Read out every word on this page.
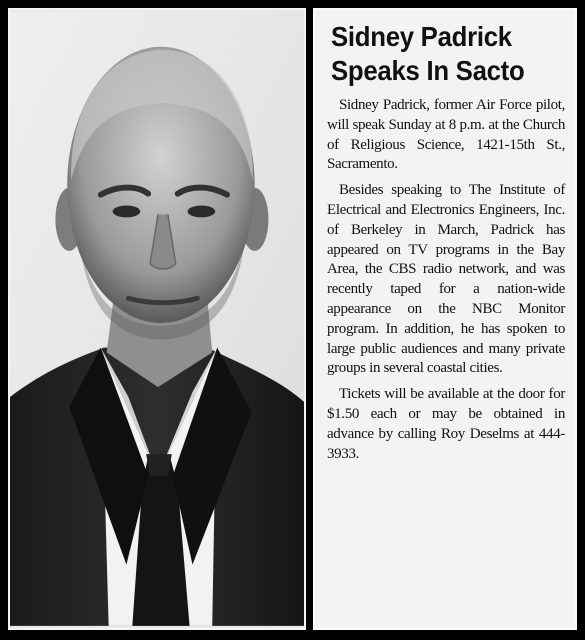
Sidney Padrick
Speaks In Sacto

Sidney Padrick, former Air Force pilot, will speak Sunday at 8 p.m. at the Church of Religious Science, 1421-15th St., Sacramento.

Besides speaking to The Institute of Electrical and Electronics Engineers, Inc. of Berkeley in March, Padrick has appeared on TV programs in the Bay Area, the CBS radio network, and was recently taped for a nation-wide appearance on the NBC Monitor program. In addition, he has spoken to large public audiences and many private groups in several coastal cities.

Tickets will be available at the door for $1.50 each or may be obtained in advance by calling Roy Deselms at 444-3933.
